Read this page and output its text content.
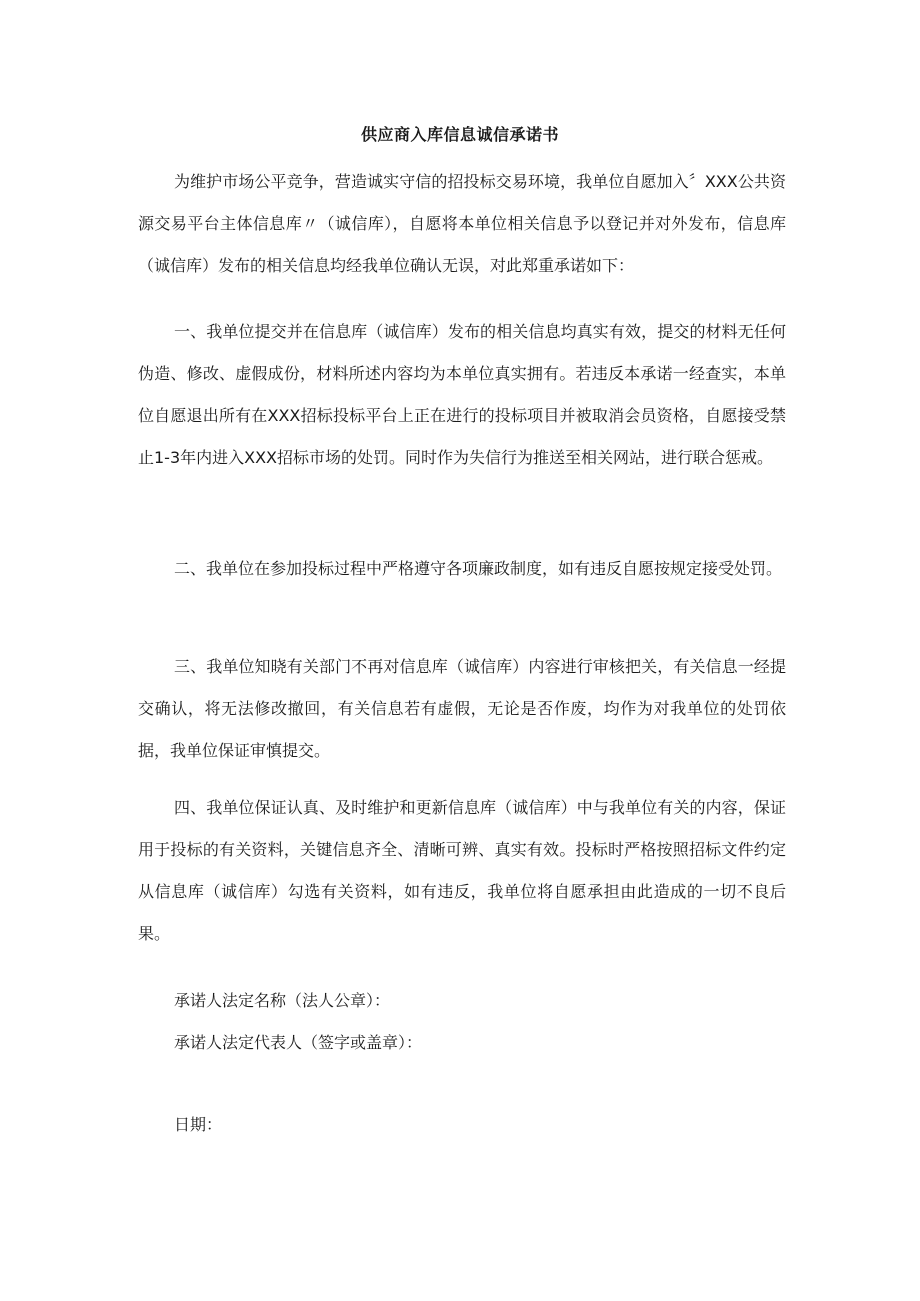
供应商入库信息诚信承诺书

为维护市场公平竞争，营造诚实守信的招投标交易环境，我单位自愿加入〞XXX公共资源交易平台主体信息库〃（诚信库），自愿将本单位相关信息予以登记并对外发布，信息库（诚信库）发布的相关信息均经我单位确认无误，对此郑重承诺如下：

一、我单位提交并在信息库（诚信库）发布的相关信息均真实有效，提交的材料无任何伪造、修改、虚假成份，材料所述内容均为本单位真实拥有。若违反本承诺一经查实，本单位自愿退出所有在XXX招标投标平台上正在进行的投标项目并被取消会员资格，自愿接受禁止1-3年内进入XXX招标市场的处罚。同时作为失信行为推送至相关网站，进行联合惩戒。

二、我单位在参加投标过程中严格遵守各项廉政制度，如有违反自愿按规定接受处罚。

三、我单位知晓有关部门不再对信息库（诚信库）内容进行审核把关，有关信息一经提交确认，将无法修改撤回，有关信息若有虚假，无论是否作废，均作为对我单位的处罚依据，我单位保证审慎提交。

四、我单位保证认真、及时维护和更新信息库（诚信库）中与我单位有关的内容，保证用于投标的有关资料，关键信息齐全、清晰可辨、真实有效。投标时严格按照招标文件约定从信息库（诚信库）勾选有关资料，如有违反，我单位将自愿承担由此造成的一切不良后果。

承诺人法定名称（法人公章）：

承诺人法定代表人（签字或盖章）：

日期：
